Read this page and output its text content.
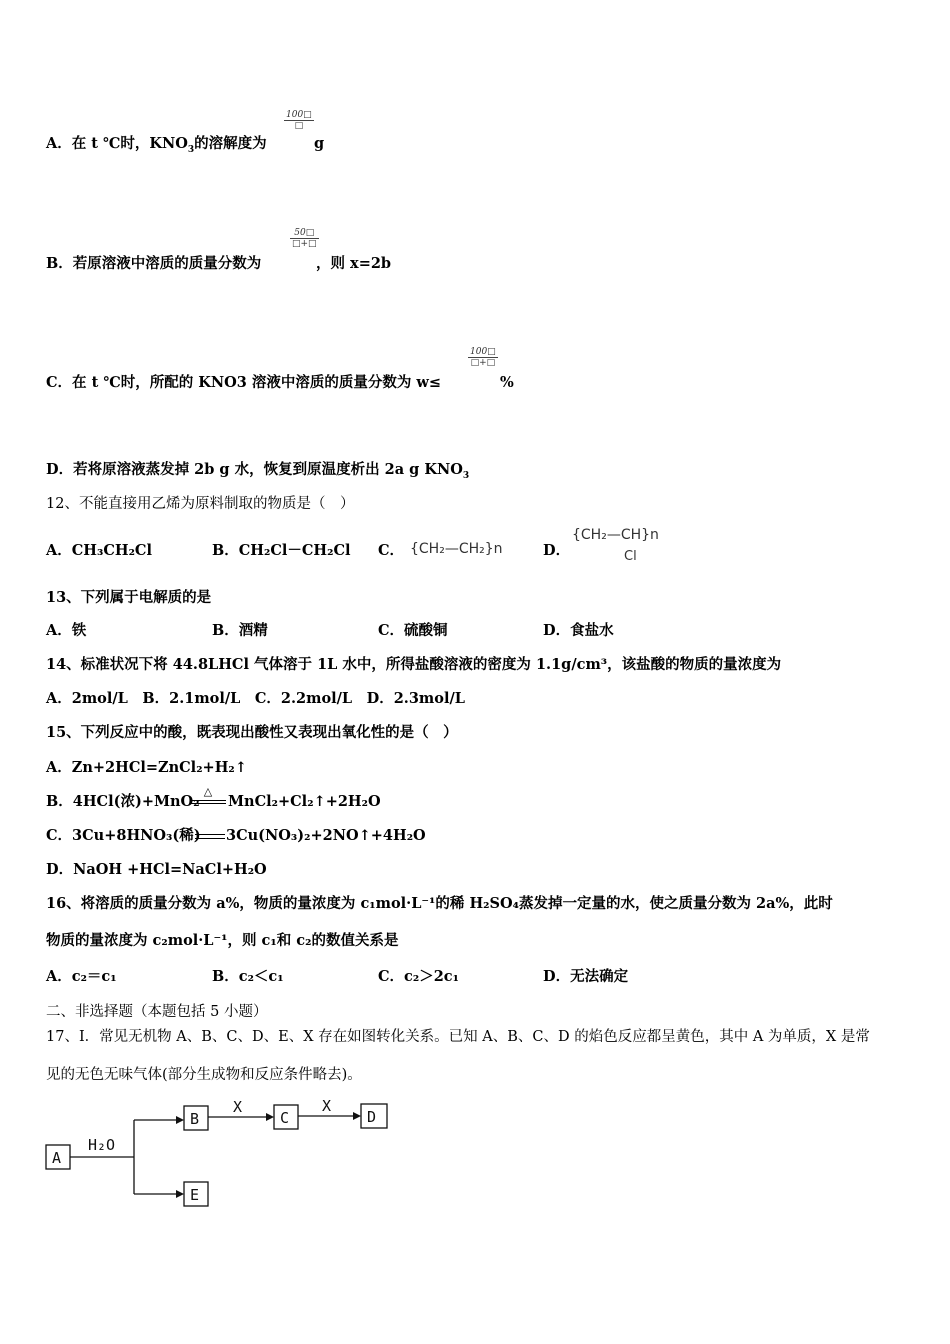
A．在 t ℃时，$KNO_3$的溶解度为
100□
□
g
B．若原溶液中溶质的质量分数为
50□
□+□
，则 x=2b
C．在 t ℃时，所配的 KNO3 溶液中溶质的质量分数为 w≤
100□
□+□
%
D．若将原溶液蒸发掉 2b g 水，恢复到原温度析出 2a g $KNO_3$
12、不能直接用乙烯为原料制取的物质是（　）
A．CH₃CH₂Cl	B．CH₂Cl－CH₂Cl C． {CH₂—CH₂}n	D．
{CH₂—CH}n
Cl
13、下列属于电解质的是
A．铁	B．酒精	C．硫酸铜	D．食盐水
14、标准状况下将 44.8LHCl 气体溶于 1L 水中，所得盐酸溶液的密度为 1.1g/cm³，该盐酸的物质的量浓度为
A．2mol/L　B．2.1mol/L　C．2.2mol/L　D．2.3mol/L
15、下列反应中的酸，既表现出酸性又表现出氧化性的是（　）
A．Zn+2HCl=ZnCl₂+H₂↑
B．4HCl(浓)+MnO₂
△
MnCl₂+Cl₂↑+2H₂O
C．3Cu+8HNO₃(稀) 3Cu(NO₃)₂+2NO↑+4H₂O
D．NaOH +HCl=NaCl+H₂O
16、将溶质的质量分数为 a%，物质的量浓度为 c₁mol·L⁻¹的稀 H₂SO₄蒸发掉一定量的水，使之质量分数为 2a%，此时
物质的量浓度为 c₂mol·L⁻¹，则 c₁和 c₂的数值关系是
A．c₂＝c₁	B．c₂＜c₁	C．c₂＞2c₁	D．无法确定
二、非选择题（本题包括 5 小题）
17、I．常见无机物 A、B、C、D、E、X 存在如图转化关系。已知 A、B、C、D 的焰色反应都呈黄色，其中 A 为单质，X 是常
见的无色无味气体(部分生成物和反应条件略去)。
A
B	C	D
E
H₂O
X	X
